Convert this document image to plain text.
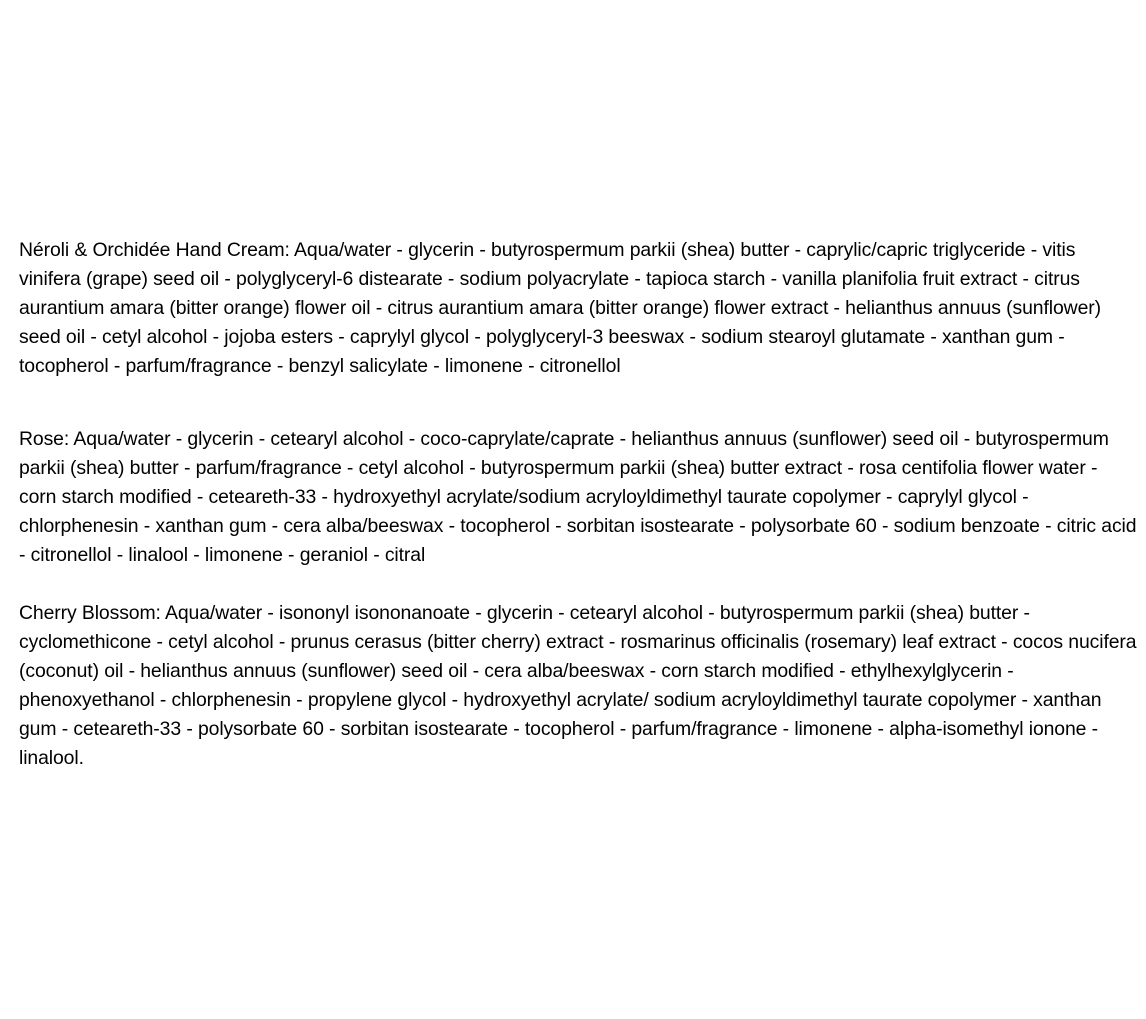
Néroli & Orchidée Hand Cream: Aqua/water - glycerin - butyrospermum parkii (shea) butter - caprylic/capric triglyceride - vitis vinifera (grape) seed oil - polyglyceryl-6 distearate - sodium polyacrylate - tapioca starch - vanilla planifolia fruit extract - citrus aurantium amara (bitter orange) flower oil - citrus aurantium amara (bitter orange) flower extract - helianthus annuus (sunflower) seed oil - cetyl alcohol - jojoba esters - caprylyl glycol - polyglyceryl-3 beeswax - sodium stearoyl glutamate - xanthan gum - tocopherol - parfum/fragrance - benzyl salicylate - limonene - citronellol

Rose: Aqua/water - glycerin - cetearyl alcohol - coco-caprylate/caprate - helianthus annuus (sunflower) seed oil - butyrospermum parkii (shea) butter - parfum/fragrance - cetyl alcohol - butyrospermum parkii (shea) butter extract - rosa centifolia flower water - corn starch modified - ceteareth-33 - hydroxyethyl acrylate/sodium acryloyldimethyl taurate copolymer - caprylyl glycol - chlorphenesin - xanthan gum - cera alba/beeswax - tocopherol - sorbitan isostearate - polysorbate 60 - sodium benzoate - citric acid - citronellol - linalool - limonene - geraniol - citral

Cherry Blossom: Aqua/water - isononyl isononanoate - glycerin - cetearyl alcohol - butyrospermum parkii (shea) butter - cyclomethicone - cetyl alcohol - prunus cerasus (bitter cherry) extract - rosmarinus officinalis (rosemary) leaf extract - cocos nucifera (coconut) oil - helianthus annuus (sunflower) seed oil - cera alba/beeswax - corn starch modified - ethylhexylglycerin - phenoxyethanol - chlorphenesin - propylene glycol - hydroxyethyl acrylate/ sodium acryloyldimethyl taurate copolymer - xanthan gum - ceteareth-33 - polysorbate 60 - sorbitan isostearate - tocopherol - parfum/fragrance - limonene - alpha-isomethyl ionone - linalool.
